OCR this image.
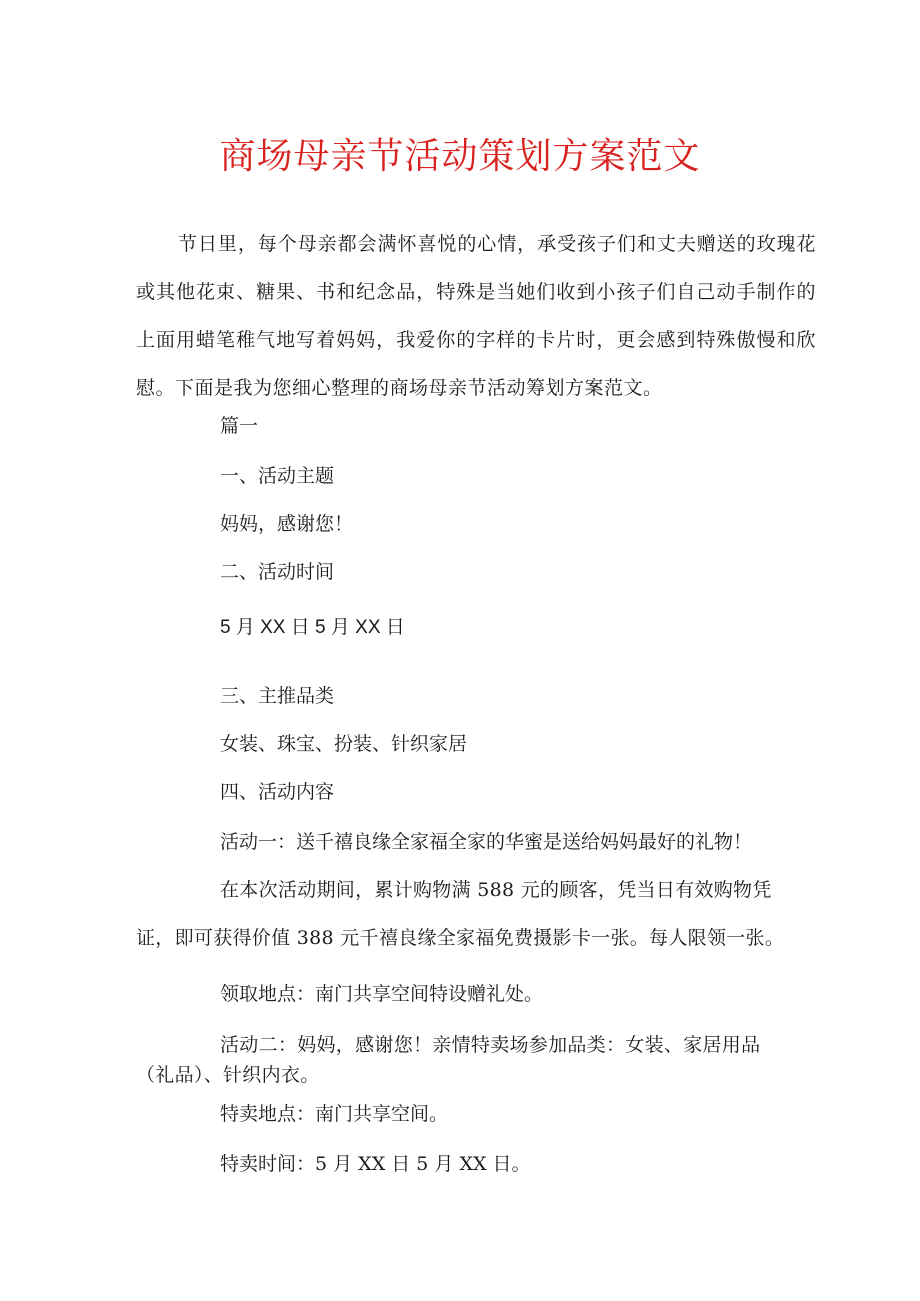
商场母亲节活动策划方案范文
节日里，每个母亲都会满怀喜悦的心情，承受孩子们和丈夫赠送的玫瑰花或其他花束、糖果、书和纪念品，特殊是当她们收到小孩子们自己动手制作的上面用蜡笔稚气地写着妈妈，我爱你的字样的卡片时，更会感到特殊傲慢和欣慰。下面是我为您细心整理的商场母亲节活动筹划方案范文。
篇一
一、活动主题
妈妈，感谢您！
二、活动时间
5 月 XX 日 5 月 XX 日
三、主推品类
女装、珠宝、扮装、针织家居
四、活动内容
活动一：送千禧良缘全家福全家的华蜜是送给妈妈最好的礼物！
在本次活动期间，累计购物满 588 元的顾客，凭当日有效购物凭证，即可获得价值 388 元千禧良缘全家福免费摄影卡一张。每人限领一张。
领取地点：南门共享空间特设赠礼处。
活动二：妈妈，感谢您！亲情特卖场参加品类：女装、家居用品（礼品）、针织内衣。
特卖地点：南门共享空间。
特卖时间：5 月 XX 日 5 月 XX 日。
